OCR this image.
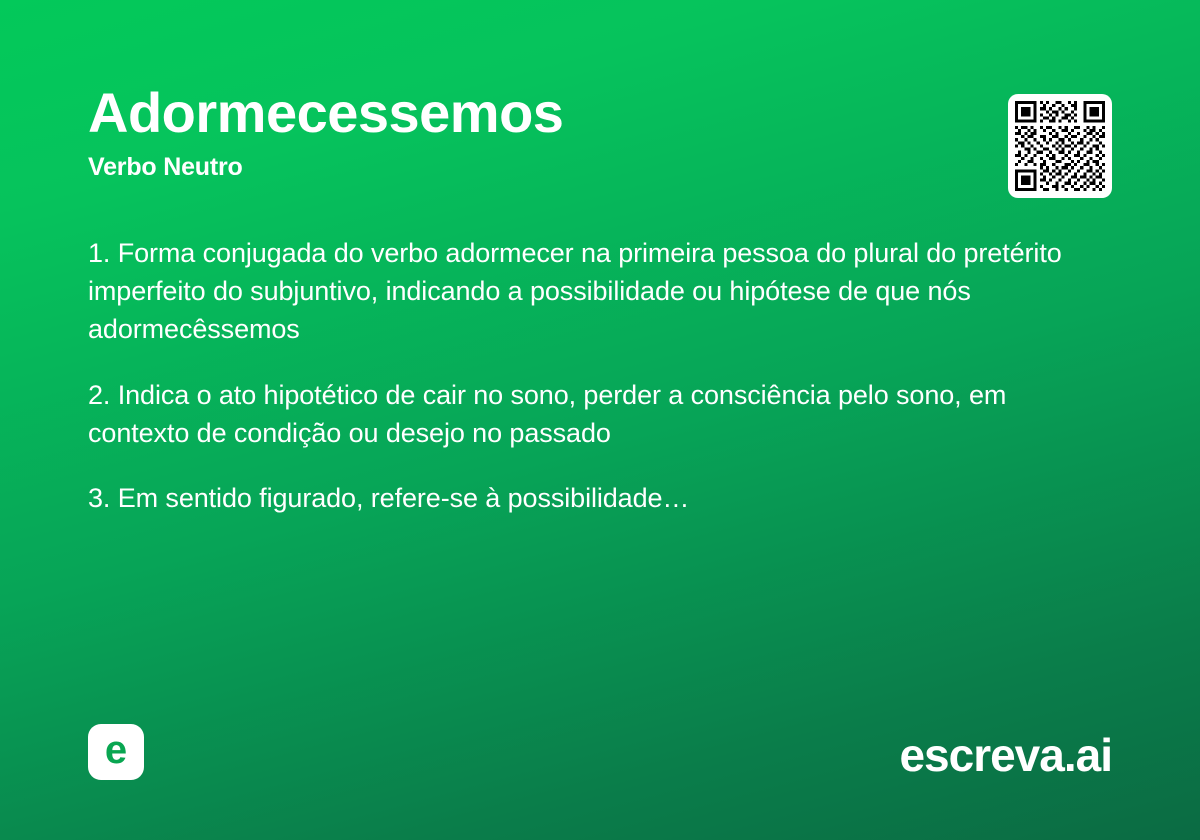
Adormecessemos

Verbo Neutro

1. Forma conjugada do verbo adormecer na primeira pessoa do plural do pretérito imperfeito do subjuntivo, indicando a possibilidade ou hipótese de que nós adormecêssemos

2. Indica o ato hipotético de cair no sono, perder a consciência pelo sono, em contexto de condição ou desejo no passado

3. Em sentido figurado, refere-se à possibilidade…

e	escreva.ai
